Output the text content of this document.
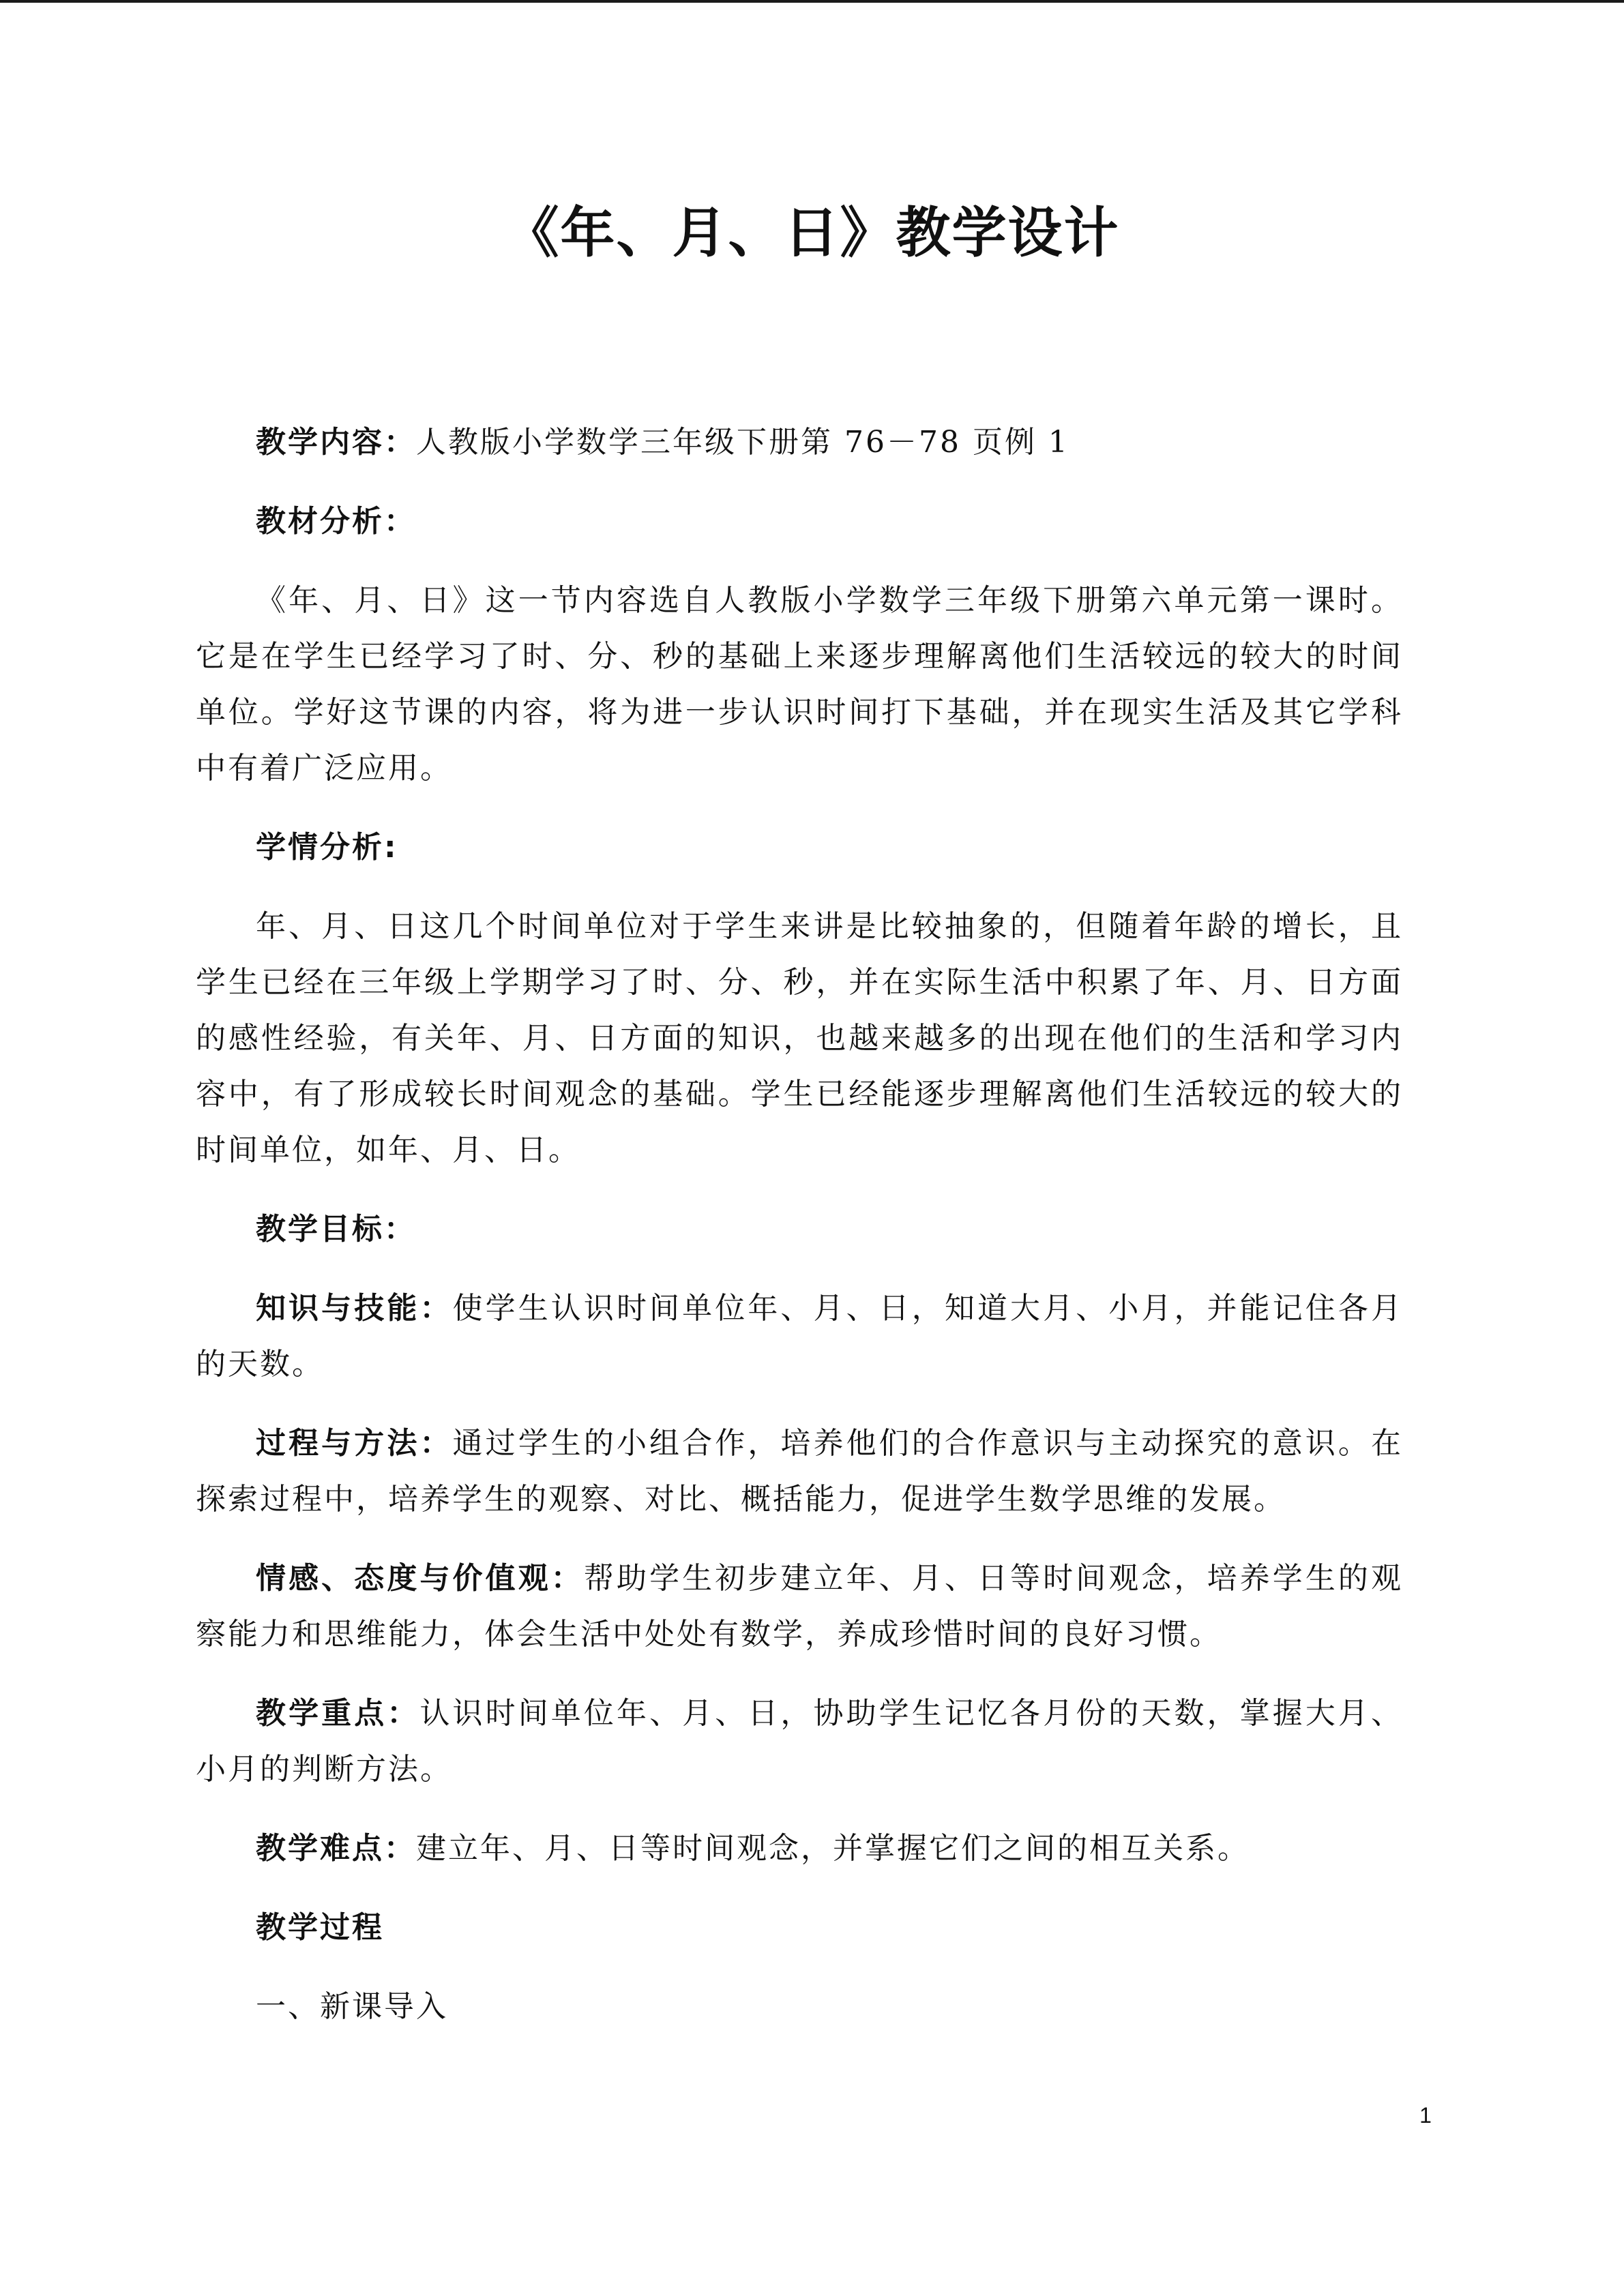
《年、月、日》教学设计

教学内容：人教版小学数学三年级下册第 76－78 页例 1

教材分析：

《年、月、日》这一节内容选自人教版小学数学三年级下册第六单元第一课时。它是在学生已经学习了时、分、秒的基础上来逐步理解离他们生活较远的较大的时间单位。学好这节课的内容，将为进一步认识时间打下基础，并在现实生活及其它学科中有着广泛应用。

学情分析:

年、月、日这几个时间单位对于学生来讲是比较抽象的，但随着年龄的增长，且学生已经在三年级上学期学习了时、分、秒，并在实际生活中积累了年、月、日方面的感性经验，有关年、月、日方面的知识，也越来越多的出现在他们的生活和学习内容中，有了形成较长时间观念的基础。学生已经能逐步理解离他们生活较远的较大的时间单位，如年、月、日。

教学目标：

知识与技能：使学生认识时间单位年、月、日，知道大月、小月，并能记住各月的天数。

过程与方法：通过学生的小组合作，培养他们的合作意识与主动探究的意识。在探索过程中，培养学生的观察、对比、概括能力，促进学生数学思维的发展。

情感、态度与价值观：帮助学生初步建立年、月、日等时间观念，培养学生的观察能力和思维能力，体会生活中处处有数学，养成珍惜时间的良好习惯。

教学重点：认识时间单位年、月、日，协助学生记忆各月份的天数，掌握大月、小月的判断方法。

教学难点：建立年、月、日等时间观念，并掌握它们之间的相互关系。

教学过程

一、新课导入

1
